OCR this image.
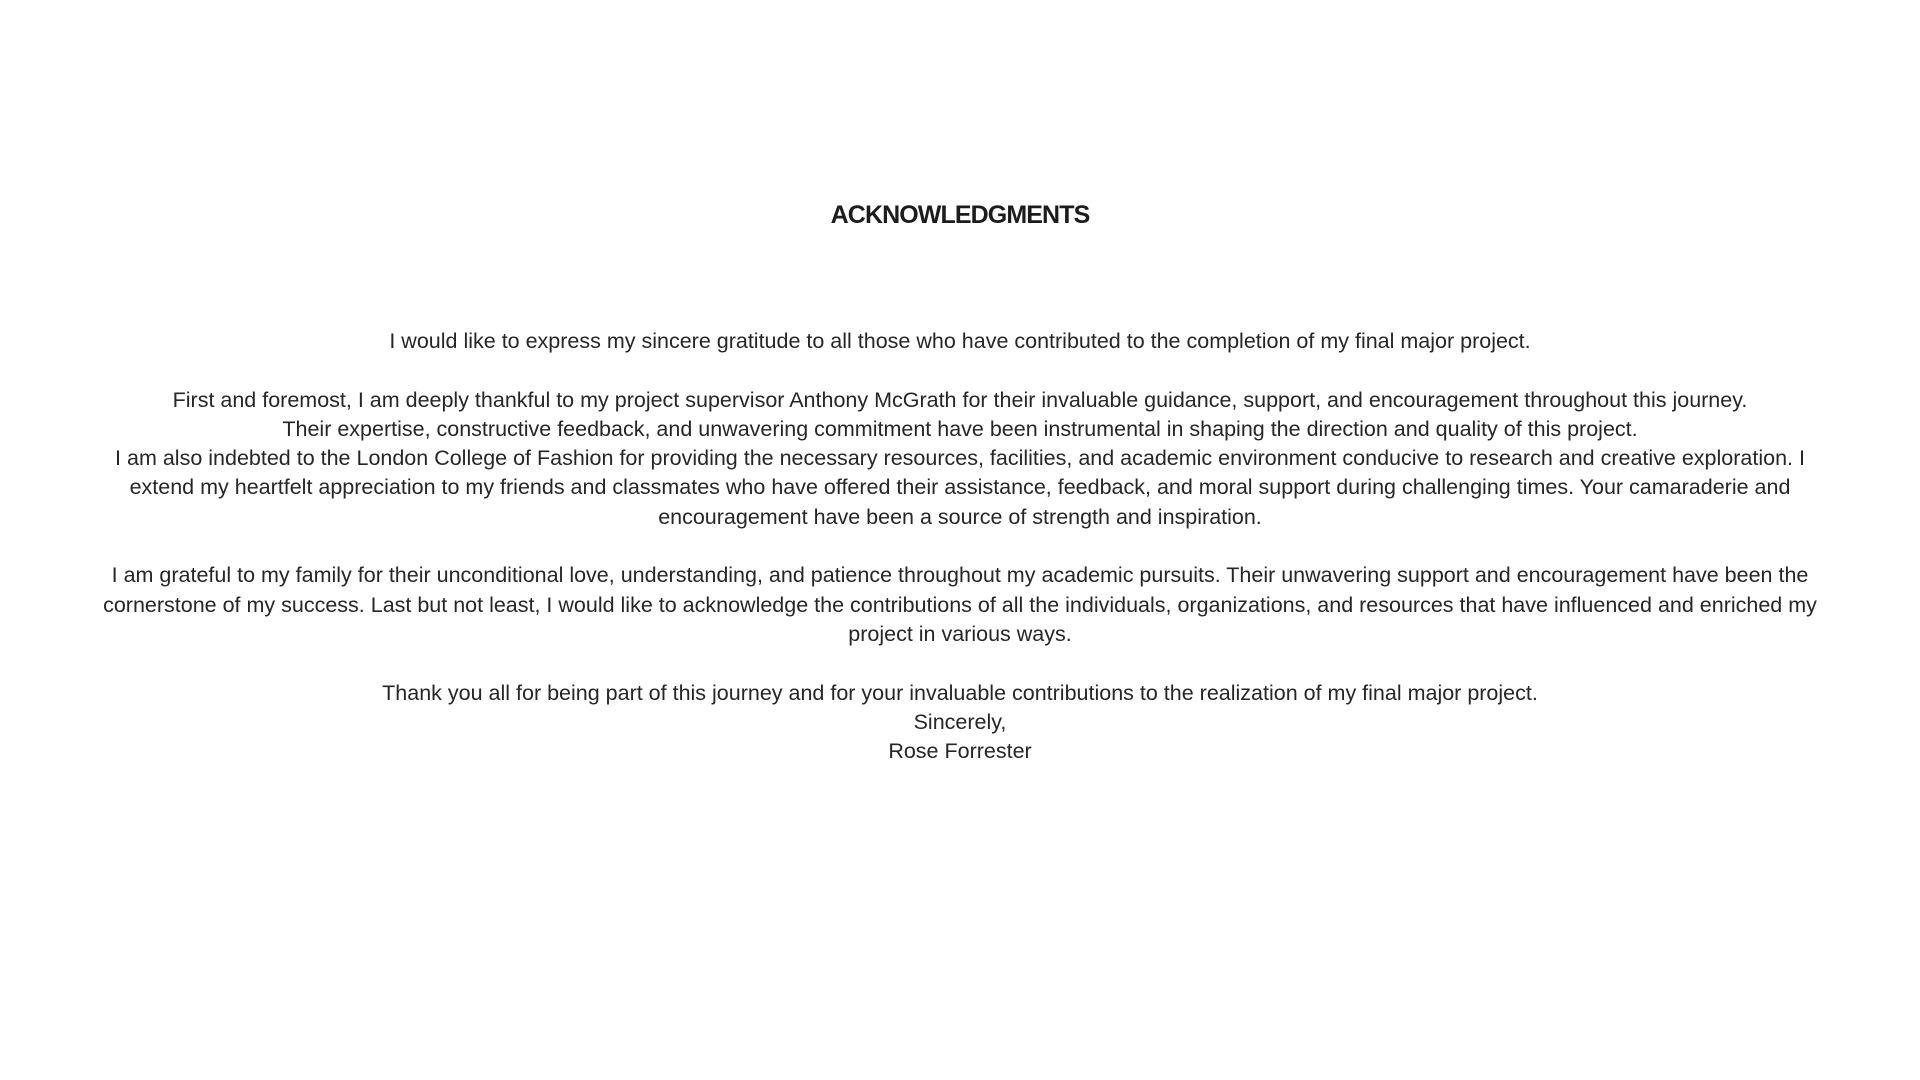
ACKNOWLEDGMENTS

I would like to express my sincere gratitude to all those who have contributed to the completion of my final major project.

First and foremost, I am deeply thankful to my project supervisor Anthony McGrath for their invaluable guidance, support, and encouragement throughout this journey.

Their expertise, constructive feedback, and unwavering commitment have been instrumental in shaping the direction and quality of this project.

I am also indebted to the London College of Fashion for providing the necessary resources, facilities, and academic environment conducive to research and creative exploration. I extend my heartfelt appreciation to my friends and classmates who have offered their assistance, feedback, and moral support during challenging times. Your camaraderie and encouragement have been a source of strength and inspiration.

I am grateful to my family for their unconditional love, understanding, and patience throughout my academic pursuits. Their unwavering support and encouragement have been the cornerstone of my success. Last but not least, I would like to acknowledge the contributions of all the individuals, organizations, and resources that have influenced and enriched my project in various ways.

Thank you all for being part of this journey and for your invaluable contributions to the realization of my final major project.

Sincerely,

Rose Forrester
